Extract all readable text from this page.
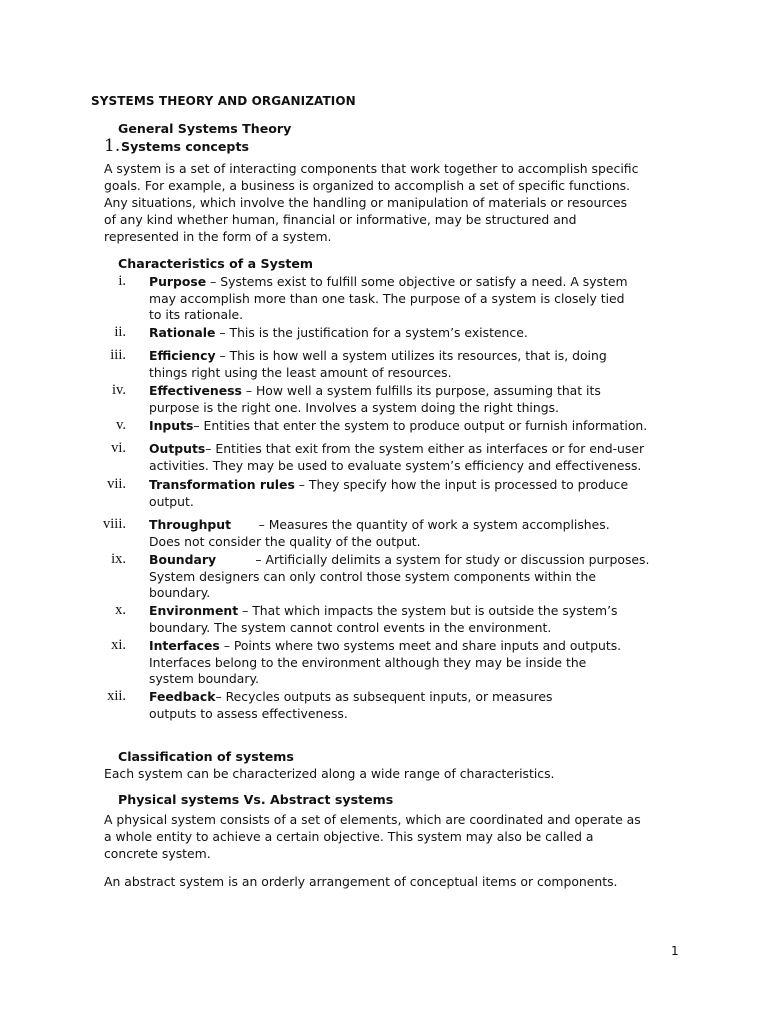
SYSTEMS THEORY AND ORGANIZATION
General Systems Theory
1. Systems concepts
A system is a set of interacting components that work together to accomplish specific
goals. For example, a business is organized to accomplish a set of specific functions.
Any situations, which involve the handling or manipulation of materials or resources
of any kind whether human, financial or informative, may be structured and
represented in the form of a system.
Characteristics of a System
i. Purpose – Systems exist to fulfill some objective or satisfy a need. A system
may accomplish more than one task. The purpose of a system is closely tied
to its rationale.
ii. Rationale – This is the justification for a system’s existence.
iii. Efficiency – This is how well a system utilizes its resources, that is, doing
things right using the least amount of resources.
iv. Effectiveness – How well a system fulfills its purpose, assuming that its
purpose is the right one. Involves a system doing the right things.
v. Inputs– Entities that enter the system to produce output or furnish information.
vi. Outputs– Entities that exit from the system either as interfaces or for end-user
activities. They may be used to evaluate system’s efficiency and effectiveness.
vii. Transformation rules – They specify how the input is processed to produce
output.
viii. Throughput       – Measures the quantity of work a system accomplishes.
Does not consider the quality of the output.
ix. Boundary          – Artificially delimits a system for study or discussion purposes.
System designers can only control those system components within the
boundary.
x. Environment – That which impacts the system but is outside the system’s
boundary. The system cannot control events in the environment.
xi. Interfaces – Points where two systems meet and share inputs and outputs.
Interfaces belong to the environment although they may be inside the
system boundary.
xii. Feedback– Recycles outputs as subsequent inputs, or measures
outputs to assess effectiveness.
Classification of systems
Each system can be characterized along a wide range of characteristics.
Physical systems Vs. Abstract systems
A physical system consists of a set of elements, which are coordinated and operate as
a whole entity to achieve a certain objective. This system may also be called a
concrete system.
An abstract system is an orderly arrangement of conceptual items or components.
1
